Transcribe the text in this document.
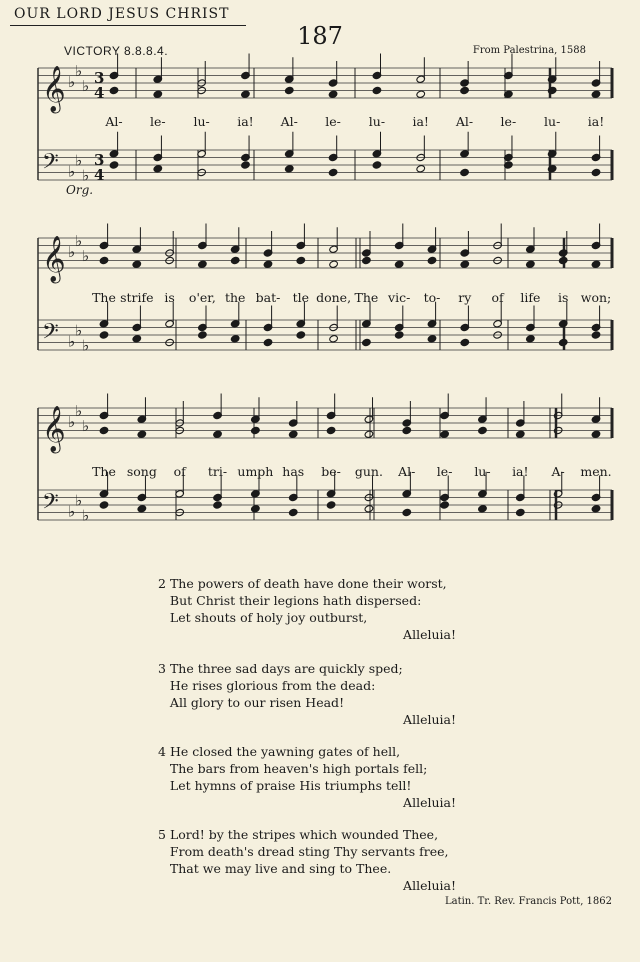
OUR LORD JESUS CHRIST
187
VICTORY 8.8.8.4.	From Palestrina, 1588
𝄞 ♭
♭
♭
𝄢 ♭
♭
♭
3
4
3
4
Org.
Al- le- lu- ia! Al- le- lu- ia! Al- le- lu- ia!
𝄞 ♭
♭
♭
𝄢 ♭
♭
♭
The strife is o'er, the bat- tle done, The vic- to- ry of life is won;
𝄞 ♭
♭
♭
𝄢 ♭
♭
♭
The song of tri- umph has be- gun. Al- le- lu- ia! A- men.
2 The powers of death have done their worst,
But Christ their legions hath dispersed:
Let shouts of holy joy outburst,
Alleluia!
3 The three sad days are quickly sped;
He rises glorious from the dead:
All glory to our risen Head!
Alleluia!
4 He closed the yawning gates of hell,
The bars from heaven's high portals fell;
Let hymns of praise His triumphs tell!
Alleluia!
5 Lord! by the stripes which wounded Thee,
From death's dread sting Thy servants free,
That we may live and sing to Thee.
Alleluia!
Latin. Tr. Rev. Francis Pott, 1862
